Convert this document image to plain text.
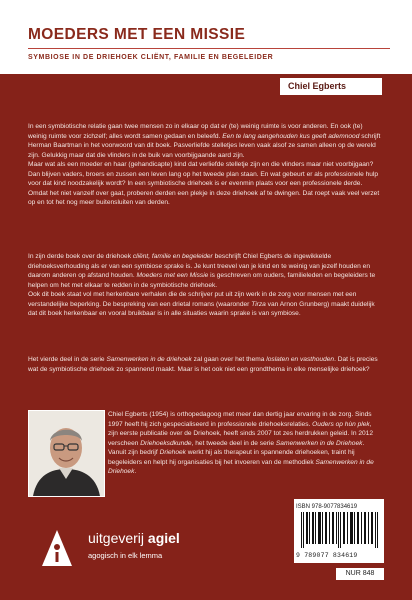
MOEDERS MET EEN MISSIE

SYMBIOSE IN DE DRIEHOEK CLIËNT, FAMILIE EN BEGELEIDER

Chiel Egberts

In een symbiotische relatie gaan twee mensen zo in elkaar op dat er (te) weinig ruimte is voor anderen. En ook (te) weinig ruimte voor zichzelf; alles wordt samen gedaan en beleefd. Een te lang aangehouden kus geeft ademnood schrijft Herman Baartman in het voorwoord van dit boek. Pasverliefde stelletjes leven vaak alsof ze samen alleen op de wereld zijn. Gelukkig maar dat die vlinders in de buik van voorbijgaande aard zijn.

Maar wat als een moeder en haar (gehandicapte) kind dat verliefde stelletje zijn en die vlinders maar niet voorbijgaan? Dan blijven vaders, broers en zussen een leven lang op het tweede plan staan. En wat gebeurt er als professionele hulp voor dat kind noodzakelijk wordt? In een symbiotische driehoek is er evenmin plaats voor een professionele derde.

Omdat het niet vanzelf over gaat, proberen derden een plekje in deze driehoek af te dwingen. Dat roept vaak veel verzet op en tot het nog meer buitensluiten van derden.

In zijn derde boek over de driehoek cliënt, familie en begeleider beschrijft Chiel Egberts de ingewikkelde driehoeksverhouding als er van een symbiose sprake is. Je kunt treevel van je kind en te weinig van jezelf houden en daarom anderen op afstand houden. Moeders met een Missie is geschreven om ouders, familieleden en begeleiders te helpen om het met elkaar te redden in de symbiotische driehoek.

Ook dit boek staat vol met herkenbare verhalen die de schrijver put uit zijn werk in de zorg voor mensen met een verstandelijke beperking. De bespreking van een drietal romans (waaronder Tirza van Arnon Grunberg) maakt duidelijk dat dit boek herkenbaar en vooral bruikbaar is in alle situaties waarin sprake is van symbiose.

Het vierde deel in de serie Samenwerken in de driehoek zal gaan over het thema loslaten en vasthouden. Dat is precies wat de symbiotische driehoek zo spannend maakt. Maar is het ook niet een grondthema in elke menselijke driehoek?

Chiel Egberts (1954) is orthopedagoog met meer dan dertig jaar ervaring in de zorg. Sinds 1997 heeft hij zich gespecialiseerd in professionele driehoeksrelaties. Ouders op hùn plek, zijn eerste publicatie over de Driehoek, heeft sinds 2007 tot zes herdrukken geleid. In 2012 verscheen Driehoeksdkunde, het tweede deel in de serie Samenwerken in de Driehoek. Vanuit zijn bedrijf Driehoek werkt hij als therapeut in spannende driehoeken, traint hij begeleiders en helpt hij organisaties bij het invoeren van de methodiek Samenwerken in de Driehoek.

uitgeverij agiel
agogisch in elk lemma
ISBN 978-9077834619
9 789077 834619
NUR 848
